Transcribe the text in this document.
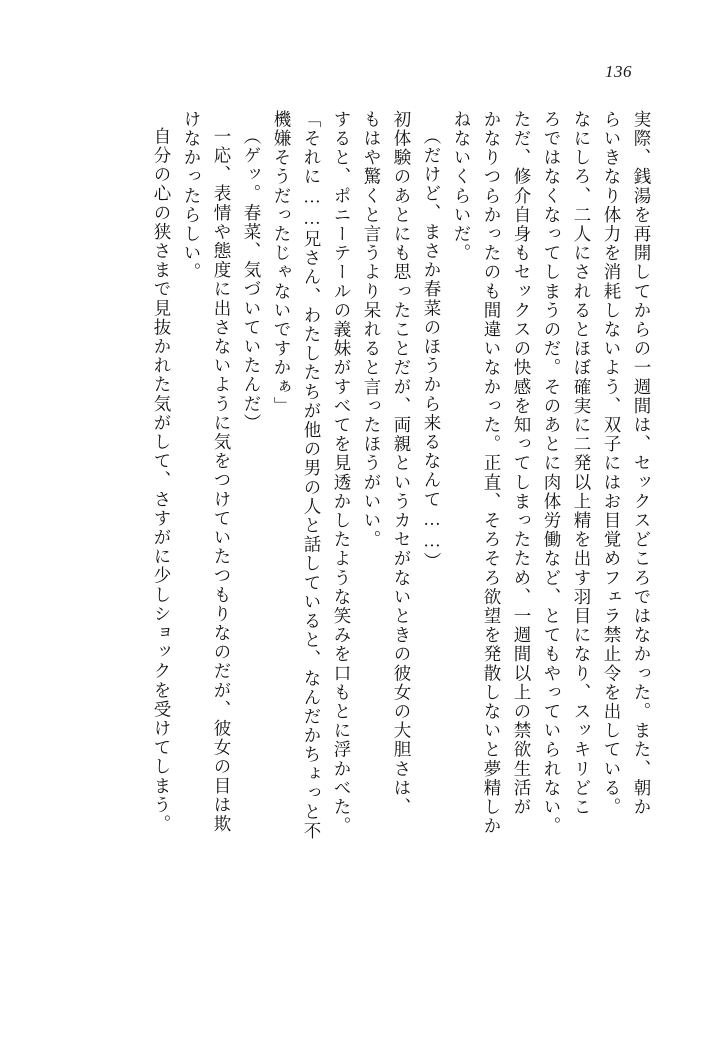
136
実際、銭湯を再開してからの一週間は、セックスどころではなかった。また、朝か
らいきなり体力を消耗しないよう、双子にはお目覚めフェラ禁止令を出している。
なにしろ、二人にされるとほぼ確実に二発以上精を出す羽目になり、スッキリどこ
ろではなくなってしまうのだ。そのあとに肉体労働など、とてもやっていられない。
ただ、修介自身もセックスの快感を知ってしまったため、一週間以上の禁欲生活が
かなりつらかったのも間違いなかった。正直、そろそろ欲望を発散しないと夢精しか
ねないくらいだ。
（だけど、まさか春菜のほうから来るなんて……）
初体験のあとにも思ったことだが、両親というカセがないときの彼女の大胆さは、
もはや驚くと言うより呆れると言ったほうがいい。
すると、ポニーテールの義妹がすべてを見透かしたような笑みを口もとに浮かべた。
「それに……兄さん、わたしたちが他の男の人と話していると、なんだかちょっと不
機嫌そうだったじゃないですかぁ」
（ゲッ。春菜、気づいていたんだ）
一応、表情や態度に出さないように気をつけていたつもりなのだが、彼女の目は欺
けなかったらしい。
自分の心の狭さまで見抜かれた気がして、さすがに少しショックを受けてしまう。
